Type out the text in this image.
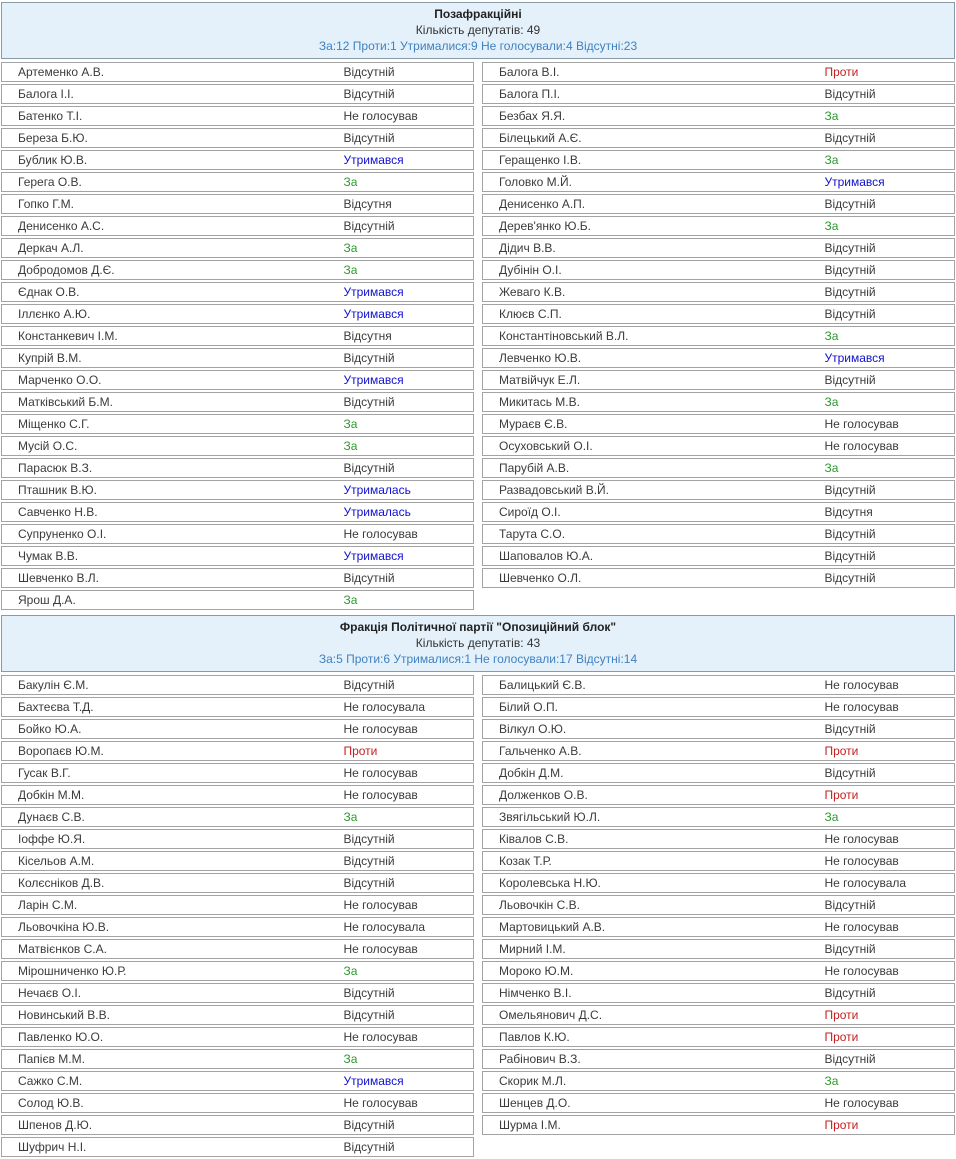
Позафракційні
Кількість депутатів: 49
За:12 Проти:1 Утрималися:9 Не голосували:4 Відсутні:23
Артеменко А.В.	Відсутній
Балога І.І.	Відсутній
Батенко Т.І.	Не голосував
Береза Б.Ю.	Відсутній
Бублик Ю.В.	Утримався
Герега О.В.	За
Гопко Г.М.	Відсутня
Денисенко А.С.	Відсутній
Деркач А.Л.	За
Добродомов Д.Є.	За
Єднак О.В.	Утримався
Іллєнко А.Ю.	Утримався
Констанкевич І.М.	Відсутня
Купрій В.М.	Відсутній
Марченко О.О.	Утримався
Матківський Б.М.	Відсутній
Міщенко С.Г.	За
Мусій О.С.	За
Парасюк В.З.	Відсутній
Пташник В.Ю.	Утрималась
Савченко Н.В.	Утрималась
Супруненко О.І.	Не голосував
Чумак В.В.	Утримався
Шевченко В.Л.	Відсутній
Ярош Д.А.	За
Балога В.І.	Проти
Балога П.І.	Відсутній
Безбах Я.Я.	За
Білецький А.Є.	Відсутній
Геращенко І.В.	За
Головко М.Й.	Утримався
Денисенко А.П.	Відсутній
Дерев'янко Ю.Б.	За
Дідич В.В.	Відсутній
Дубінін О.І.	Відсутній
Жеваго К.В.	Відсутній
Клюєв С.П.	Відсутній
Константіновський В.Л.	За
Левченко Ю.В.	Утримався
Матвійчук Е.Л.	Відсутній
Микитась М.В.	За
Мураєв Є.В.	Не голосував
Осуховський О.І.	Не голосував
Парубій А.В.	За
Развадовський В.Й.	Відсутній
Сироїд О.І.	Відсутня
Тарута С.О.	Відсутній
Шаповалов Ю.А.	Відсутній
Шевченко О.Л.	Відсутній
Фракція Політичної партії "Опозиційний блок"
Кількість депутатів: 43
За:5 Проти:6 Утрималися:1 Не голосували:17 Відсутні:14
Бакулін Є.М.	Відсутній
Бахтеєва Т.Д.	Не голосувала
Бойко Ю.А.	Не голосував
Воропаєв Ю.М.	Проти
Гусак В.Г.	Не голосував
Добкін М.М.	Не голосував
Дунаєв С.В.	За
Іоффе Ю.Я.	Відсутній
Кісельов А.М.	Відсутній
Колєсніков Д.В.	Відсутній
Ларін С.М.	Не голосував
Льовочкіна Ю.В.	Не голосувала
Матвієнков С.А.	Не голосував
Мірошниченко Ю.Р.	За
Нечаєв О.І.	Відсутній
Новинський В.В.	Відсутній
Павленко Ю.О.	Не голосував
Папієв М.М.	За
Сажко С.М.	Утримався
Солод Ю.В.	Не голосував
Шпенов Д.Ю.	Відсутній
Шуфрич Н.І.	Відсутній
Балицький Є.В.	Не голосував
Білий О.П.	Не голосував
Вілкул О.Ю.	Відсутній
Гальченко А.В.	Проти
Добкін Д.М.	Відсутній
Долженков О.В.	Проти
Звягільський Ю.Л.	За
Ківалов С.В.	Не голосував
Козак Т.Р.	Не голосував
Королевська Н.Ю.	Не голосувала
Льовочкін С.В.	Відсутній
Мартовицький А.В.	Не голосував
Мирний І.М.	Відсутній
Мороко Ю.М.	Не голосував
Німченко В.І.	Відсутній
Омельянович Д.С.	Проти
Павлов К.Ю.	Проти
Рабінович В.З.	Відсутній
Скорик М.Л.	За
Шенцев Д.О.	Не голосував
Шурма І.М.	Проти
